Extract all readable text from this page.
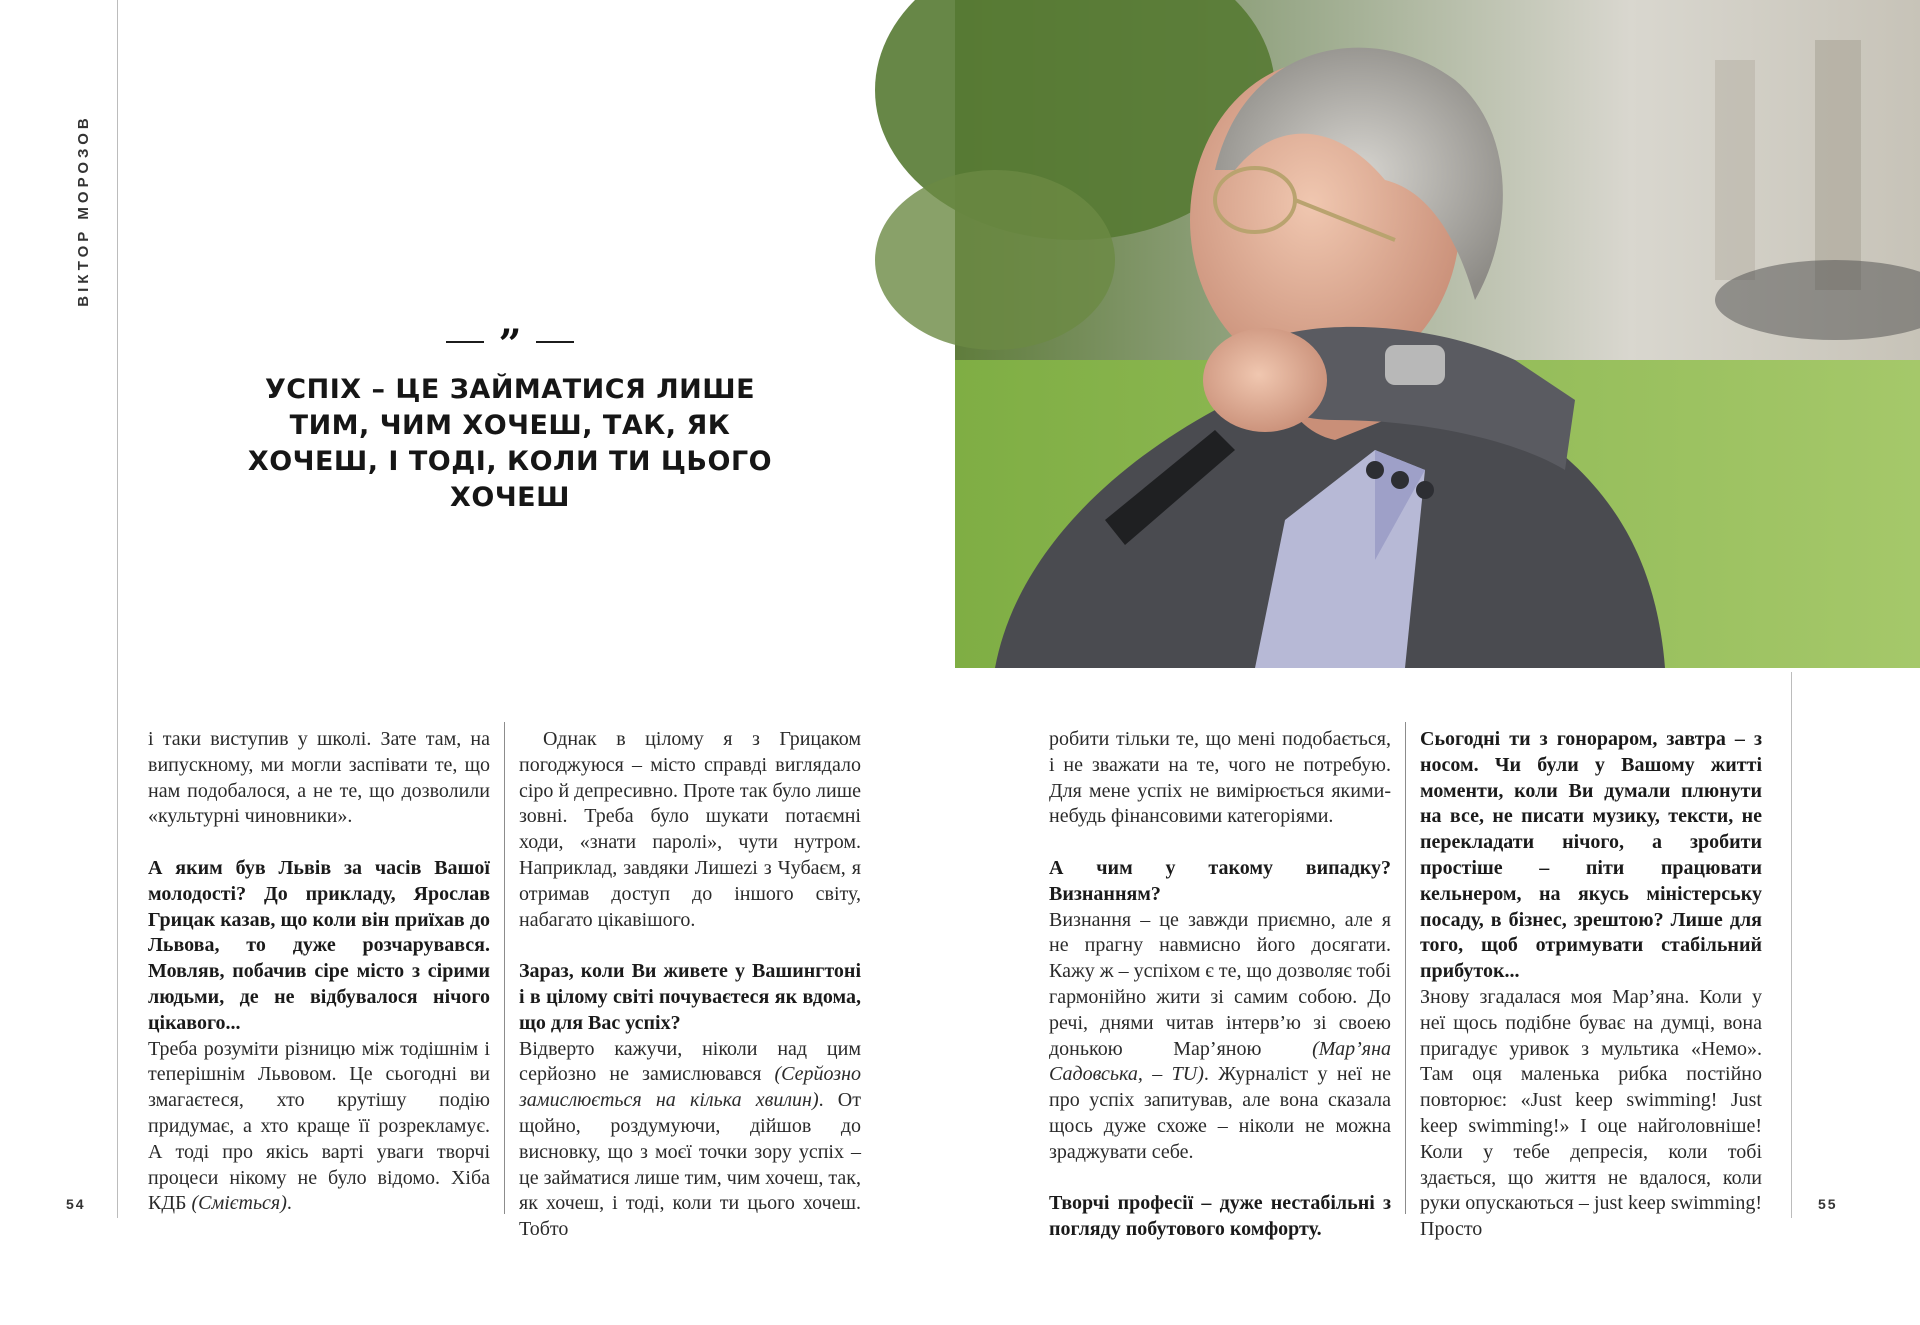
ВІКТОР МОРОЗОВ
”
УСПІХ – ЦЕ ЗАЙМАТИСЯ ЛИШЕ ТИМ, ЧИМ ХОЧЕШ, ТАК, ЯК ХОЧЕШ, І ТОДІ, КОЛИ ТИ ЦЬОГО ХОЧЕШ

і таки виступив у школі. Зате там, на випускному, ми могли заспівати те, що нам подобалося, а не те, що дозволили «культурні чиновники».

А яким був Львів за часів Вашої молодості? До прикладу, Ярослав Грицак казав, що коли він приїхав до Львова, то дуже розчарувався. Мовляв, побачив сіре місто з сірими людьми, де не відбувалося нічого цікавого...

Треба розуміти різницю між тодішнім і теперішнім Львовом. Це сьогодні ви змагаєтеся, хто крутішу подію придумає, а хто краще її розрекламує. А тоді про якісь варті уваги творчі процеси нікому не було відомо. Хіба КДБ (Сміється).

Однак в цілому я з Грицаком погоджуюся – місто справді виглядало сіро й депресивно. Проте так було лише зовні. Треба було шукати потаємні ходи, «знати паролі», чути нутром. Наприклад, завдяки Лишеzі з Чубаєм, я отримав доступ до іншого світу, набагато цікавішого.

Зараз, коли Ви живете у Вашингтоні і в цілому світі почуваєтеся як вдома, що для Вас успіх?

Відверто кажучи, ніколи над цим серйозно не замислювався (Серйозно замислюється на кілька хвилин). От щойно, роздумуючи, дійшов до висновку, що з моєї точки зору успіх – це займатися лише тим, чим хочеш, так, як хочеш, і тоді, коли ти цього хочеш. Тобто

робити тільки те, що мені подобається, і не зважати на те, чого не потребую. Для мене успіх не вимірюється якими-небудь фінансовими категоріями.

А чим у такому випадку? Визнанням?

Визнання – це завжди приємно, але я не прагну навмисно його досягати. Кажу ж – успіхом є те, що дозволяє тобі гармонійно жити зі самим собою. До речі, днями читав інтерв’ю зі своею донькою Мар’яною	(Мар’яна Садовська, – TU). Журналіст у неї не про успіх запитував, але вона сказала щось дуже схоже – ніколи не можна зраджувати себе.

Творчі професії – дуже нестабільні з погляду побутового комфорту.

Сьогодні ти з гонораром, завтра – з носом. Чи були у Вашому житті моменти, коли Ви думали плюнути на все, не писати музику, тексти, не перекладати нічого, а зробити простіше – піти працювати кельнером, на якусь міністерську посаду, в бізнес, зрештою? Лише для того, щоб отримувати стабільний прибуток...

Знову згадалася моя Мар’яна. Коли у неї щось подібне буває на думці, вона пригадує уривок з мультика «Немо». Там оця маленька рибка постійно повторює: «Just keep swimming! Just keep swimming!» І оце найголовніше! Коли у тебе депресія, коли тобі здається, що життя не вдалося, коли руки опускаються – just keep swimming! Просто

54	55
